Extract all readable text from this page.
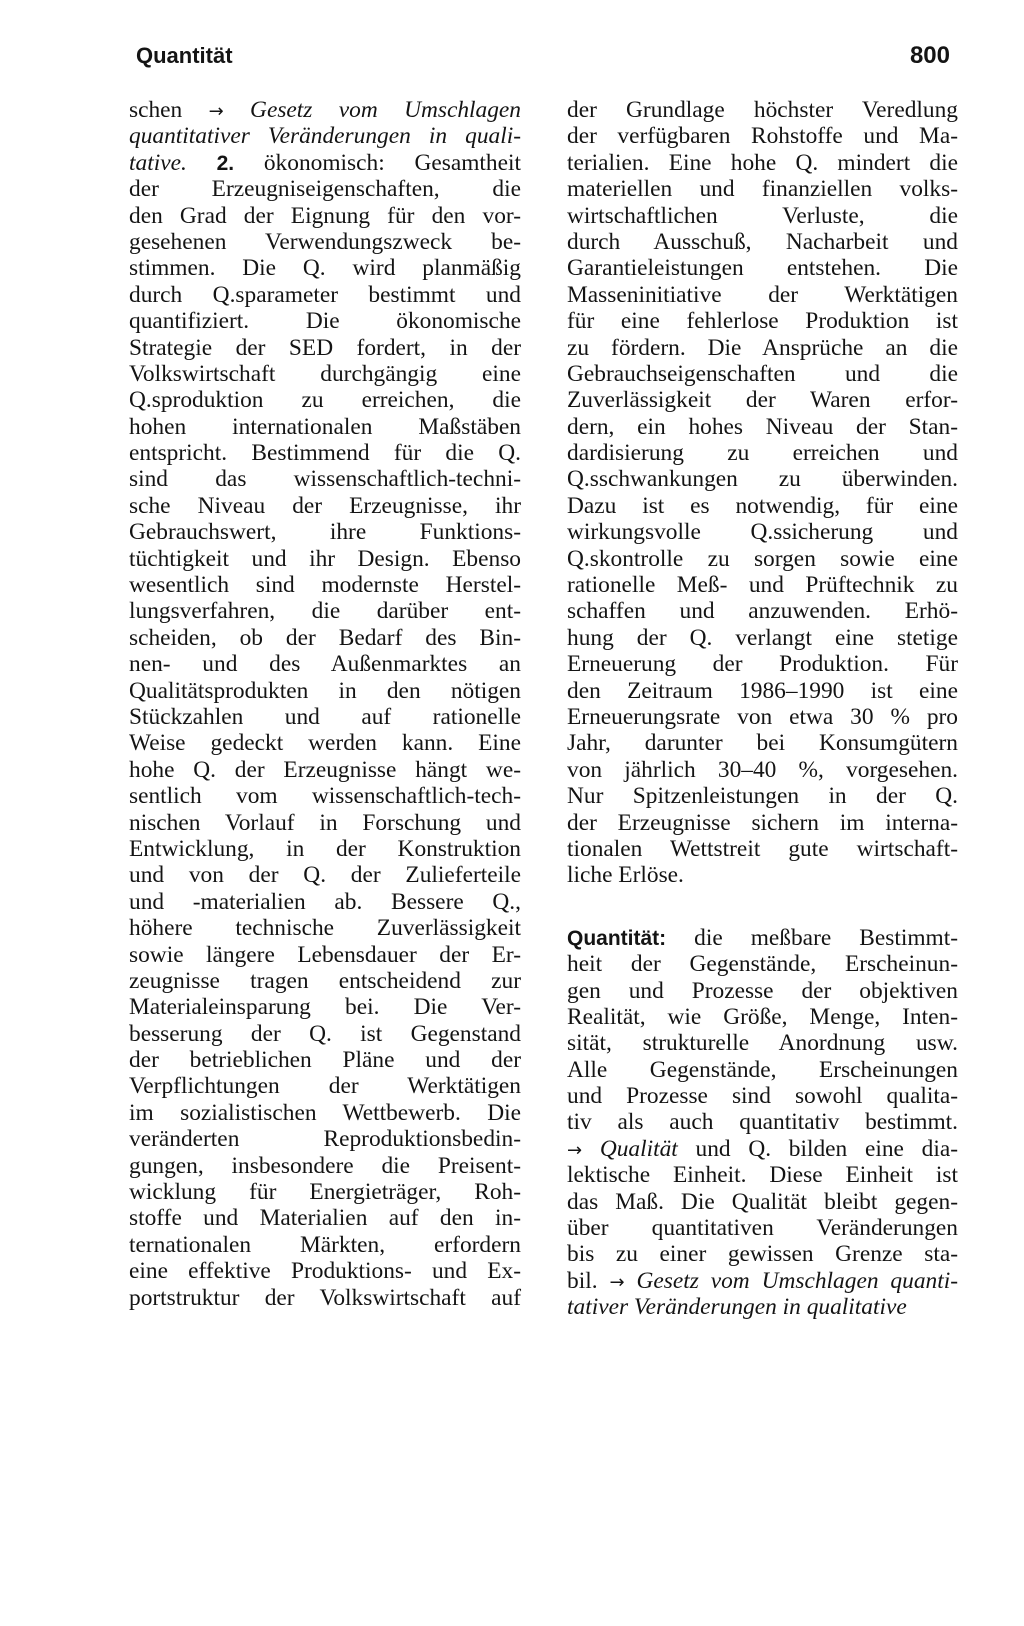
Quantität	800
schen → Gesetz vom Umschlagen
quantitativer Veränderungen in quali-
tative. 2. ökonomisch: Gesamtheit
der Erzeugniseigenschaften, die
den Grad der Eignung für den vor-
gesehenen Verwendungszweck be-
stimmen. Die Q. wird planmäßig
durch Q.sparameter bestimmt und
quantifiziert. Die ökonomische
Strategie der SED fordert, in der
Volkswirtschaft durchgängig eine
Q.sproduktion zu erreichen, die
hohen internationalen Maßstäben
entspricht. Bestimmend für die Q.
sind das wissenschaftlich-techni-
sche Niveau der Erzeugnisse, ihr
Gebrauchswert, ihre Funktions-
tüchtigkeit und ihr Design. Ebenso
wesentlich sind modernste Herstel-
lungsverfahren, die darüber ent-
scheiden, ob der Bedarf des Bin-
nen- und des Außenmarktes an
Qualitätsprodukten in den nötigen
Stückzahlen und auf rationelle
Weise gedeckt werden kann. Eine
hohe Q. der Erzeugnisse hängt we-
sentlich vom wissenschaftlich-tech-
nischen Vorlauf in Forschung und
Entwicklung, in der Konstruktion
und von der Q. der Zulieferteile
und -materialien ab. Bessere Q.,
höhere technische Zuverlässigkeit
sowie längere Lebensdauer der Er-
zeugnisse tragen entscheidend zur
Materialeinsparung bei. Die Ver-
besserung der Q. ist Gegenstand
der betrieblichen Pläne und der
Verpflichtungen der Werktätigen
im sozialistischen Wettbewerb. Die
veränderten Reproduktionsbedin-
gungen, insbesondere die Preisent-
wicklung für Energieträger, Roh-
stoffe und Materialien auf den in-
ternationalen Märkten, erfordern
eine effektive Produktions- und Ex-
portstruktur der Volkswirtschaft auf
der Grundlage höchster Veredlung
der verfügbaren Rohstoffe und Ma-
terialien. Eine hohe Q. mindert die
materiellen und finanziellen volks-
wirtschaftlichen Verluste, die
durch Ausschuß, Nacharbeit und
Garantieleistungen entstehen. Die
Masseninitiative der Werktätigen
für eine fehlerlose Produktion ist
zu fördern. Die Ansprüche an die
Gebrauchseigenschaften und die
Zuverlässigkeit der Waren erfor-
dern, ein hohes Niveau der Stan-
dardisierung zu erreichen und
Q.sschwankungen zu überwinden.
Dazu ist es notwendig, für eine
wirkungsvolle Q.ssicherung und
Q.skontrolle zu sorgen sowie eine
rationelle Meß- und Prüftechnik zu
schaffen und anzuwenden. Erhö-
hung der Q. verlangt eine stetige
Erneuerung der Produktion. Für
den Zeitraum 1986–1990 ist eine
Erneuerungsrate von etwa 30 % pro
Jahr, darunter bei Konsumgütern
von jährlich 30–40 %, vorgesehen.
Nur Spitzenleistungen in der Q.
der Erzeugnisse sichern im interna-
tionalen Wettstreit gute wirtschaft-
liche Erlöse.
Quantität: die meßbare Bestimmt-
heit der Gegenstände, Erscheinun-
gen und Prozesse der objektiven
Realität, wie Größe, Menge, Inten-
sität, strukturelle Anordnung usw.
Alle Gegenstände, Erscheinungen
und Prozesse sind sowohl qualita-
tiv als auch quantitativ bestimmt.
→ Qualität und Q. bilden eine dia-
lektische Einheit. Diese Einheit ist
das Maß. Die Qualität bleibt gegen-
über quantitativen Veränderungen
bis zu einer gewissen Grenze sta-
bil. → Gesetz vom Umschlagen quanti-
tativer Veränderungen in qualitative
